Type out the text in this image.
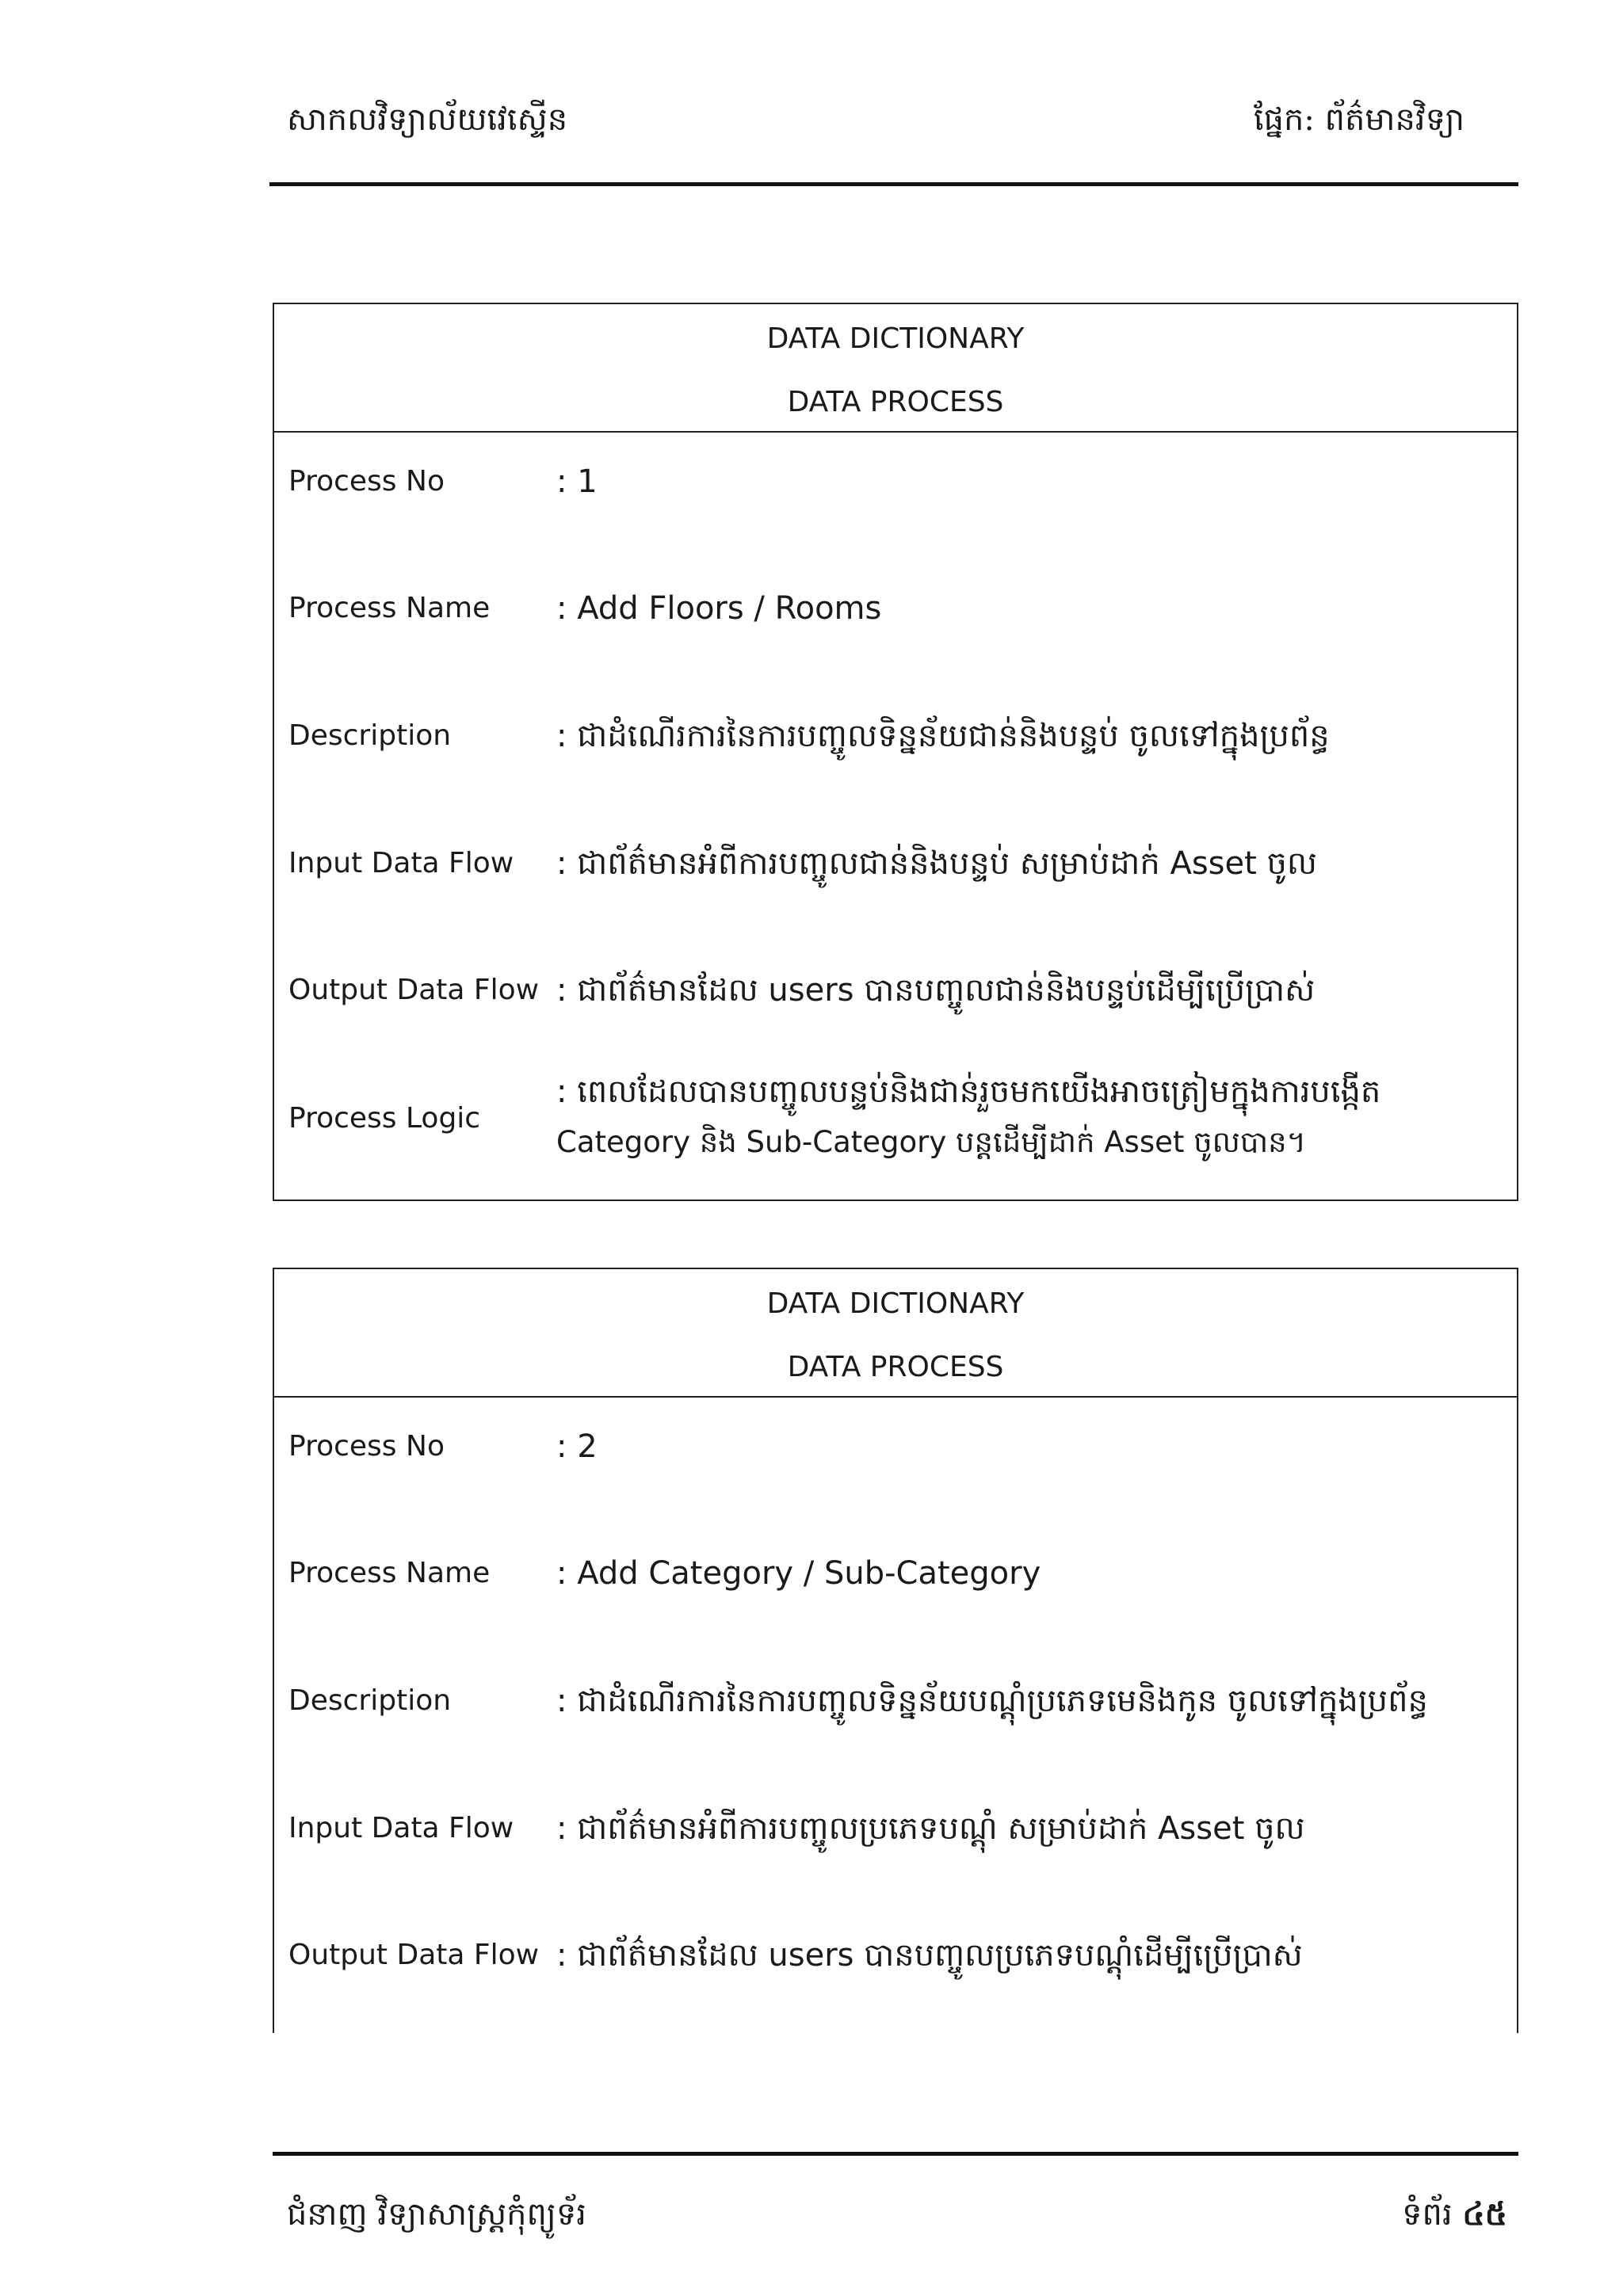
សាកលវិទ្យាល័យវេស្ទើន	ផ្នែក: ព័ត៌មានវិទ្យា
DATA DICTIONARY
DATA PROCESS
Process No	: 1
Process Name : Add Floors / Rooms
Description	: ជាដំណើរការនៃការបញ្ចូលទិន្នន័យជាន់និងបន្ទប់ ចូលទៅក្នុងប្រព័ន្ធ
Input Data Flow : ជាព័ត៌មានអំពីការបញ្ចូលជាន់និងបន្ទប់ សម្រាប់ដាក់ Asset ចូល
Output Data Flow : ជាព័ត៌មានដែល users បានបញ្ចូលជាន់និងបន្ទប់ដើម្បីប្រើប្រាស់
Process Logic
: ពេលដែលបានបញ្ចូលបន្ទប់និងជាន់រួចមកយើងអាចត្រៀមក្នុងការបង្កើត
Category និង Sub-Category បន្តដើម្បីដាក់ Asset ចូលបាន។
DATA DICTIONARY
DATA PROCESS
Process No	: 2
Process Name : Add Category / Sub-Category
Description	: ជាដំណើរការនៃការបញ្ចូលទិន្នន័យបណ្ដុំប្រភេទមេនិងកូន ចូលទៅក្នុងប្រព័ន្ធ
Input Data Flow : ជាព័ត៌មានអំពីការបញ្ចូលប្រភេទបណ្ដុំ សម្រាប់ដាក់ Asset ចូល
Output Data Flow : ជាព័ត៌មានដែល users បានបញ្ចូលប្រភេទបណ្ដុំដើម្បីប្រើប្រាស់
ជំនាញ វិទ្យាសាស្ត្រកុំព្យូទ័រ	ទំព័រ ៤៥
